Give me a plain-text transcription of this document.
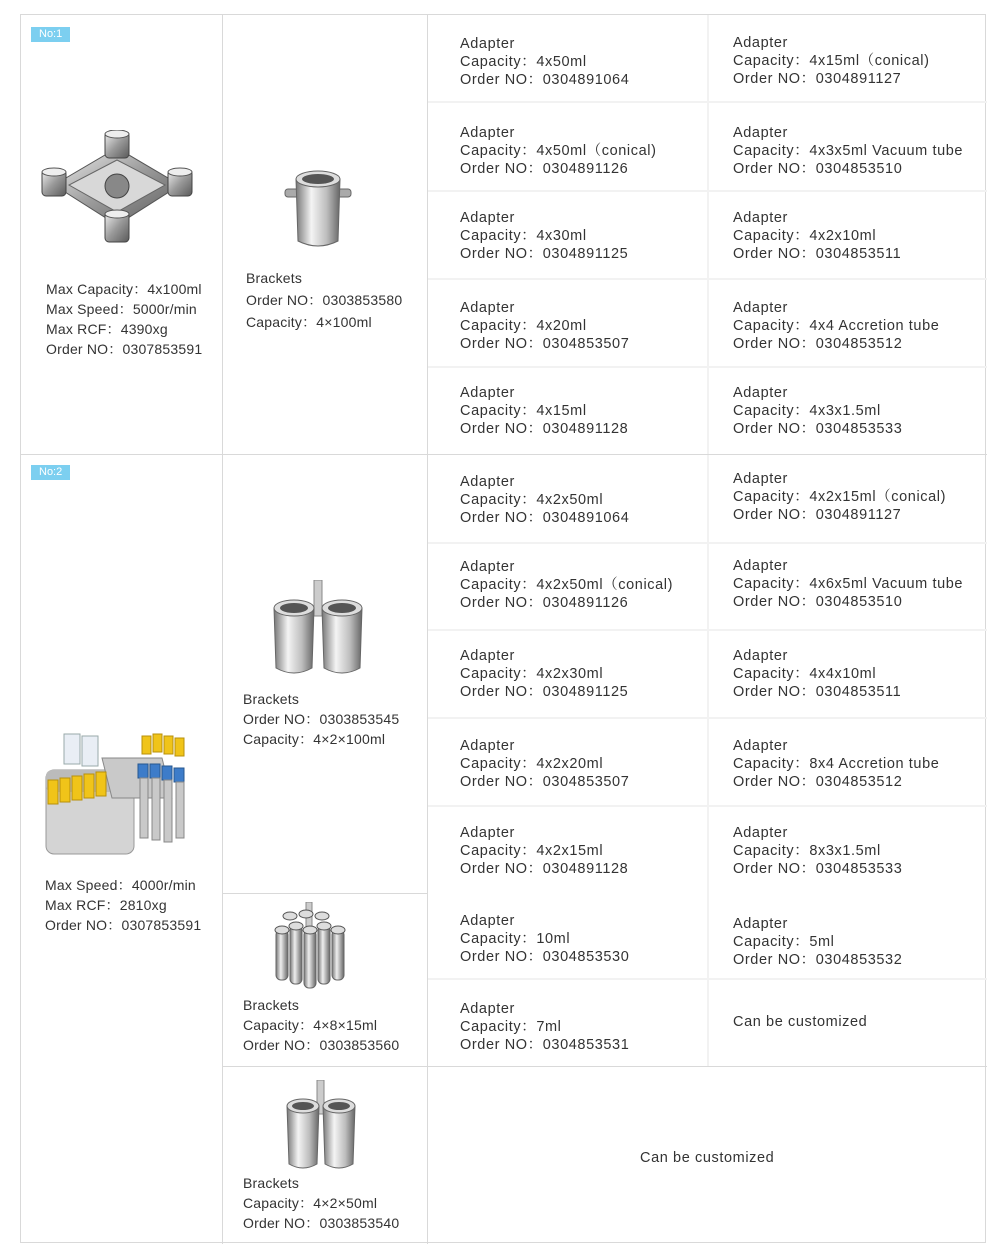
No:1
Max Capacity：4x100ml
Max Speed：5000r/min
Max RCF：4390xg
Order NO：0307853591
Brackets
Order NO：0303853580
Capacity：4×100ml
Adapter
Capacity：4x50ml
Order NO：0304891064
Adapter
Capacity：4x15ml（conical)
Order NO：0304891127
Adapter
Capacity：4x50ml（conical)
Order NO：0304891126
Adapter
Capacity：4x3x5ml Vacuum tube
Order NO：0304853510
Adapter
Capacity：4x30ml
Order NO：0304891125
Adapter
Capacity：4x2x10ml
Order NO：0304853511
Adapter
Capacity：4x20ml
Order NO：0304853507
Adapter
Capacity：4x4 Accretion tube
Order NO：0304853512
Adapter
Capacity：4x15ml
Order NO：0304891128
Adapter
Capacity：4x3x1.5ml
Order NO：0304853533
No:2
Max Speed：4000r/min
Max RCF：2810xg
Order NO：0307853591
Brackets
Order NO：0303853545
Capacity：4×2×100ml
Adapter
Capacity：4x2x50ml
Order NO：0304891064
Adapter
Capacity：4x2x15ml（conical)
Order NO：0304891127
Adapter
Capacity：4x2x50ml（conical)
Order NO：0304891126
Adapter
Capacity：4x6x5ml Vacuum tube
Order NO：0304853510
Adapter
Capacity：4x2x30ml
Order NO：0304891125
Adapter
Capacity：4x4x10ml
Order NO：0304853511
Adapter
Capacity：4x2x20ml
Order NO：0304853507
Adapter
Capacity：8x4 Accretion tube
Order NO：0304853512
Adapter
Capacity：4x2x15ml
Order NO：0304891128
Adapter
Capacity：8x3x1.5ml
Order NO：0304853533
Brackets
Capacity：4×8×15ml
Order NO：0303853560
Adapter
Capacity：10ml
Order NO：0304853530
Adapter
Capacity：5ml
Order NO：0304853532
Adapter
Capacity：7ml
Order NO：0304853531
Can be customized
Brackets
Capacity：4×2×50ml
Order NO：0303853540
Can be customized
